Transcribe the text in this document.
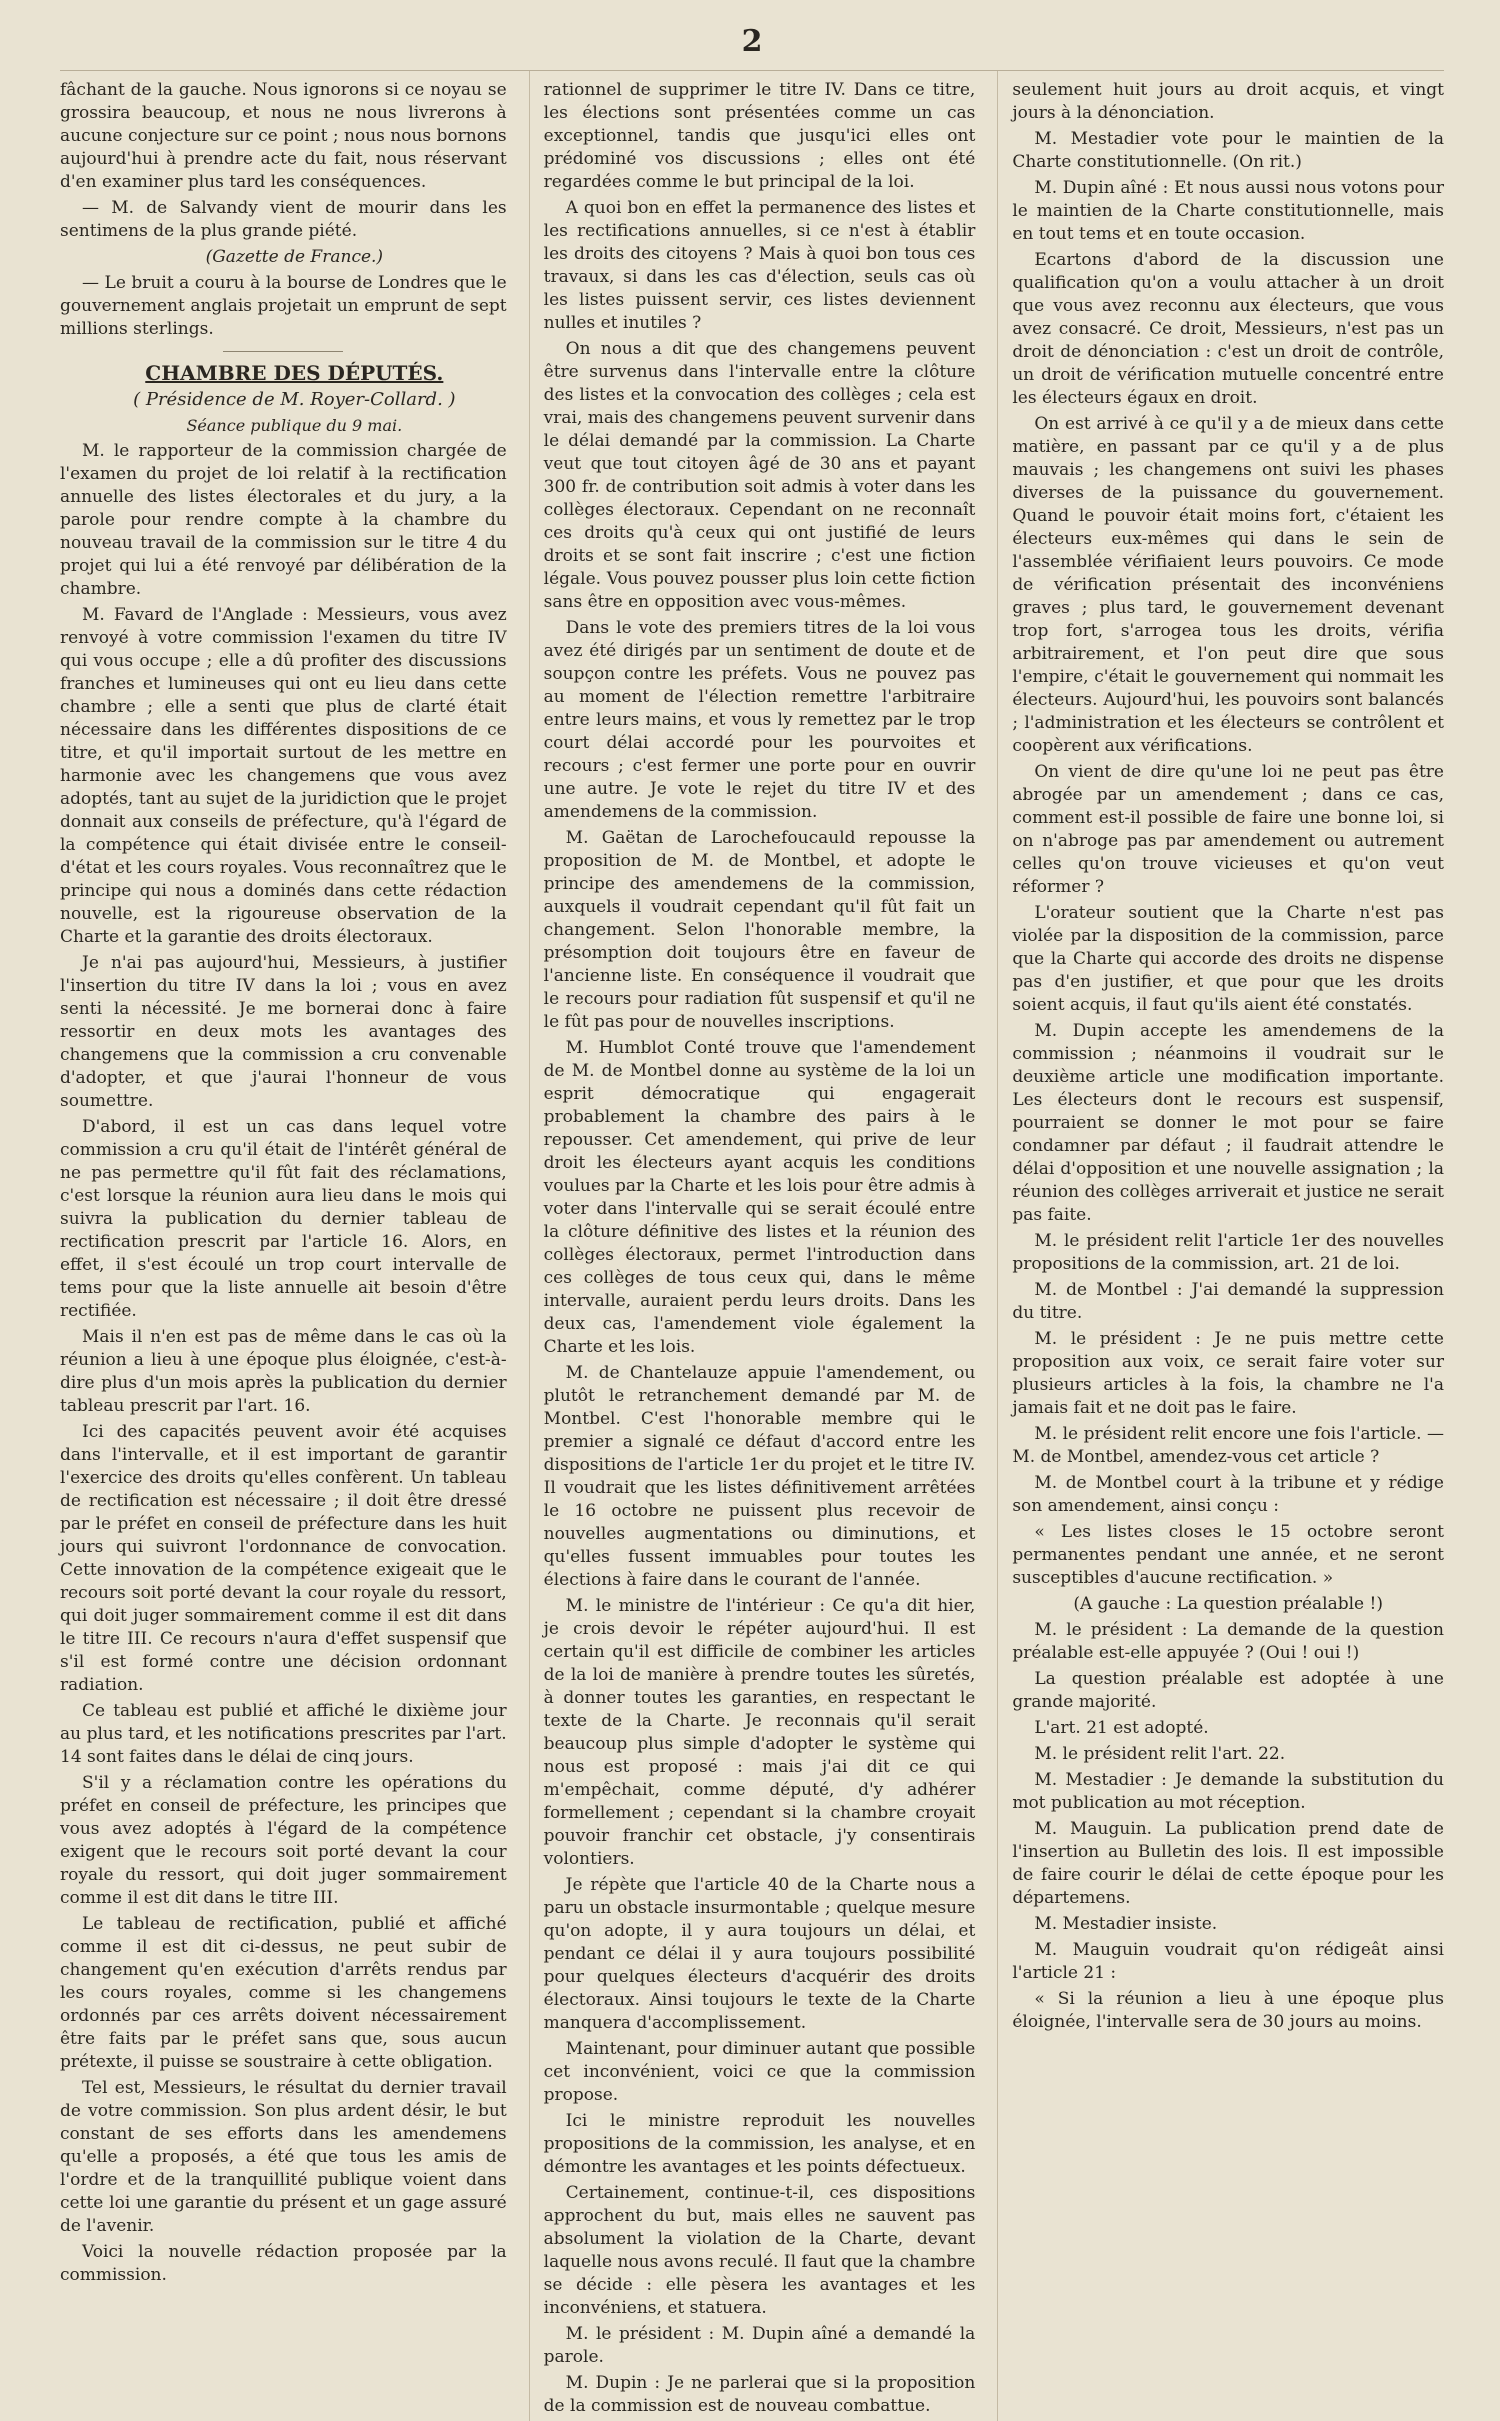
2

fâchant de la gauche. Nous ignorons si ce noyau se grossira beaucoup, et nous ne nous livrerons à aucune conjecture sur ce point ; nous nous bornons aujourd'hui à prendre acte du fait, nous réservant d'en examiner plus tard les conséquences.

— M. de Salvandy vient de mourir dans les sentimens de la plus grande piété.

(Gazette de France.)

— Le bruit a couru à la bourse de Londres que le gouvernement anglais projetait un emprunt de sept millions sterlings.

CHAMBRE DES DÉPUTÉS.

( Présidence de M. Royer-Collard. )

Séance publique du 9 mai.

M. le rapporteur de la commission chargée de l'examen du projet de loi relatif à la rectification annuelle des listes électorales et du jury, a la parole pour rendre compte à la chambre du nouveau travail de la commission sur le titre 4 du projet qui lui a été renvoyé par délibération de la chambre.

M. Favard de l'Anglade : Messieurs, vous avez renvoyé à votre commission l'examen du titre IV qui vous occupe ; elle a dû profiter des discussions franches et lumineuses qui ont eu lieu dans cette chambre ; elle a senti que plus de clarté était nécessaire dans les différentes dispositions de ce titre, et qu'il importait surtout de les mettre en harmonie avec les changemens que vous avez adoptés, tant au sujet de la juridiction que le projet donnait aux conseils de préfecture, qu'à l'égard de la compétence qui était divisée entre le conseil-d'état et les cours royales. Vous reconnaîtrez que le principe qui nous a dominés dans cette rédaction nouvelle, est la rigoureuse observation de la Charte et la garantie des droits électoraux.

Je n'ai pas aujourd'hui, Messieurs, à justifier l'insertion du titre IV dans la loi ; vous en avez senti la nécessité. Je me bornerai donc à faire ressortir en deux mots les avantages des changemens que la commission a cru convenable d'adopter, et que j'aurai l'honneur de vous soumettre.

D'abord, il est un cas dans lequel votre commission a cru qu'il était de l'intérêt général de ne pas permettre qu'il fût fait des réclamations, c'est lorsque la réunion aura lieu dans le mois qui suivra la publication du dernier tableau de rectification prescrit par l'article 16. Alors, en effet, il s'est écoulé un trop court intervalle de tems pour que la liste annuelle ait besoin d'être rectifiée.

Mais il n'en est pas de même dans le cas où la réunion a lieu à une époque plus éloignée, c'est-à-dire plus d'un mois après la publication du dernier tableau prescrit par l'art. 16.

Ici des capacités peuvent avoir été acquises dans l'intervalle, et il est important de garantir l'exercice des droits qu'elles confèrent. Un tableau de rectification est nécessaire ; il doit être dressé par le préfet en conseil de préfecture dans les huit jours qui suivront l'ordonnance de convocation. Cette innovation de la compétence exigeait que le recours soit porté devant la cour royale du ressort, qui doit juger sommairement comme il est dit dans le titre III. Ce recours n'aura d'effet suspensif que s'il est formé contre une décision ordonnant radiation.

Ce tableau est publié et affiché le dixième jour au plus tard, et les notifications prescrites par l'art. 14 sont faites dans le délai de cinq jours.

S'il y a réclamation contre les opérations du préfet en conseil de préfecture, les principes que vous avez adoptés à l'égard de la compétence exigent que le recours soit porté devant la cour royale du ressort, qui doit juger sommairement comme il est dit dans le titre III.

Le tableau de rectification, publié et affiché comme il est dit ci-dessus, ne peut subir de changement qu'en exécution d'arrêts rendus par les cours royales, comme si les changemens ordonnés par ces arrêts doivent nécessairement être faits par le préfet sans que, sous aucun prétexte, il puisse se soustraire à cette obligation.

Tel est, Messieurs, le résultat du dernier travail de votre commission. Son plus ardent désir, le but constant de ses efforts dans les amendemens qu'elle a proposés, a été que tous les amis de l'ordre et de la tranquillité publique voient dans cette loi une garantie du présent et un gage assuré de l'avenir.

Voici la nouvelle rédaction proposée par la commission.

rationnel de supprimer le titre IV. Dans ce titre, les élections sont présentées comme un cas exceptionnel, tandis que jusqu'ici elles ont prédominé vos discussions ; elles ont été regardées comme le but principal de la loi.

A quoi bon en effet la permanence des listes et les rectifications annuelles, si ce n'est à établir les droits des citoyens ? Mais à quoi bon tous ces travaux, si dans les cas d'élection, seuls cas où les listes puissent servir, ces listes deviennent nulles et inutiles ?

On nous a dit que des changemens peuvent être survenus dans l'intervalle entre la clôture des listes et la convocation des collèges ; cela est vrai, mais des changemens peuvent survenir dans le délai demandé par la commission. La Charte veut que tout citoyen âgé de 30 ans et payant 300 fr. de contribution soit admis à voter dans les collèges électoraux. Cependant on ne reconnaît ces droits qu'à ceux qui ont justifié de leurs droits et se sont fait inscrire ; c'est une fiction légale. Vous pouvez pousser plus loin cette fiction sans être en opposition avec vous-mêmes.

Dans le vote des premiers titres de la loi vous avez été dirigés par un sentiment de doute et de soupçon contre les préfets. Vous ne pouvez pas au moment de l'élection remettre l'arbitraire entre leurs mains, et vous ly remettez par le trop court délai accordé pour les pourvoites et recours ; c'est fermer une porte pour en ouvrir une autre. Je vote le rejet du titre IV et des amendemens de la commission.

M. Gaëtan de Larochefoucauld repousse la proposition de M. de Montbel, et adopte le principe des amendemens de la commission, auxquels il voudrait cependant qu'il fût fait un changement. Selon l'honorable membre, la présomption doit toujours être en faveur de l'ancienne liste. En conséquence il voudrait que le recours pour radiation fût suspensif et qu'il ne le fût pas pour de nouvelles inscriptions.

M. Humblot Conté trouve que l'amendement de M. de Montbel donne au système de la loi un esprit démocratique qui engagerait probablement la chambre des pairs à le repousser. Cet amendement, qui prive de leur droit les électeurs ayant acquis les conditions voulues par la Charte et les lois pour être admis à voter dans l'intervalle qui se serait écoulé entre la clôture définitive des listes et la réunion des collèges électoraux, permet l'introduction dans ces collèges de tous ceux qui, dans le même intervalle, auraient perdu leurs droits. Dans les deux cas, l'amendement viole également la Charte et les lois.

M. de Chantelauze appuie l'amendement, ou plutôt le retranchement demandé par M. de Montbel. C'est l'honorable membre qui le premier a signalé ce défaut d'accord entre les dispositions de l'article 1er du projet et le titre IV. Il voudrait que les listes définitivement arrêtées le 16 octobre ne puissent plus recevoir de nouvelles augmentations ou diminutions, et qu'elles fussent immuables pour toutes les élections à faire dans le courant de l'année.

M. le ministre de l'intérieur : Ce qu'a dit hier, je crois devoir le répéter aujourd'hui. Il est certain qu'il est difficile de combiner les articles de la loi de manière à prendre toutes les sûretés, à donner toutes les garanties, en respectant le texte de la Charte. Je reconnais qu'il serait beaucoup plus simple d'adopter le système qui nous est proposé : mais j'ai dit ce qui m'empêchait, comme député, d'y adhérer formellement ; cependant si la chambre croyait pouvoir franchir cet obstacle, j'y consentirais volontiers.

Je répète que l'article 40 de la Charte nous a paru un obstacle insurmontable ; quelque mesure qu'on adopte, il y aura toujours un délai, et pendant ce délai il y aura toujours possibilité pour quelques électeurs d'acquérir des droits électoraux. Ainsi toujours le texte de la Charte manquera d'accomplissement.

Maintenant, pour diminuer autant que possible cet inconvénient, voici ce que la commission propose.

Ici le ministre reproduit les nouvelles propositions de la commission, les analyse, et en démontre les avantages et les points défectueux.

Certainement, continue-t-il, ces dispositions approchent du but, mais elles ne sauvent pas absolument la violation de la Charte, devant laquelle nous avons reculé. Il faut que la chambre se décide : elle pèsera les avantages et les inconvéniens, et statuera.

M. le président : M. Dupin aîné a demandé la parole.

M. Dupin : Je ne parlerai que si la proposition de la commission est de nouveau combattue.

seulement huit jours au droit acquis, et vingt jours à la dénonciation.

M. Mestadier vote pour le maintien de la Charte constitutionnelle. (On rit.)

M. Dupin aîné : Et nous aussi nous votons pour le maintien de la Charte constitutionnelle, mais en tout tems et en toute occasion.

Ecartons d'abord de la discussion une qualification qu'on a voulu attacher à un droit que vous avez reconnu aux électeurs, que vous avez consacré. Ce droit, Messieurs, n'est pas un droit de dénonciation : c'est un droit de contrôle, un droit de vérification mutuelle concentré entre les électeurs égaux en droit.

On est arrivé à ce qu'il y a de mieux dans cette matière, en passant par ce qu'il y a de plus mauvais ; les changemens ont suivi les phases diverses de la puissance du gouvernement. Quand le pouvoir était moins fort, c'étaient les électeurs eux-mêmes qui dans le sein de l'assemblée vérifiaient leurs pouvoirs. Ce mode de vérification présentait des inconvéniens graves ; plus tard, le gouvernement devenant trop fort, s'arrogea tous les droits, vérifia arbitrairement, et l'on peut dire que sous l'empire, c'était le gouvernement qui nommait les électeurs. Aujourd'hui, les pouvoirs sont balancés ; l'administration et les électeurs se contrôlent et coopèrent aux vérifications.

On vient de dire qu'une loi ne peut pas être abrogée par un amendement ; dans ce cas, comment est-il possible de faire une bonne loi, si on n'abroge pas par amendement ou autrement celles qu'on trouve vicieuses et qu'on veut réformer ?

L'orateur soutient que la Charte n'est pas violée par la disposition de la commission, parce que la Charte qui accorde des droits ne dispense pas d'en justifier, et que pour que les droits soient acquis, il faut qu'ils aient été constatés.

M. Dupin accepte les amendemens de la commission ; néanmoins il voudrait sur le deuxième article une modification importante. Les électeurs dont le recours est suspensif, pourraient se donner le mot pour se faire condamner par défaut ; il faudrait attendre le délai d'opposition et une nouvelle assignation ; la réunion des collèges arriverait et justice ne serait pas faite.

M. le président relit l'article 1er des nouvelles propositions de la commission, art. 21 de loi.

M. de Montbel : J'ai demandé la suppression du titre.

M. le président : Je ne puis mettre cette proposition aux voix, ce serait faire voter sur plusieurs articles à la fois, la chambre ne l'a jamais fait et ne doit pas le faire.

M. le président relit encore une fois l'article. — M. de Montbel, amendez-vous cet article ?

M. de Montbel court à la tribune et y rédige son amendement, ainsi conçu :

« Les listes closes le 15 octobre seront permanentes pendant une année, et ne seront susceptibles d'aucune rectification. »

(A gauche : La question préalable !)

M. le président : La demande de la question préalable est-elle appuyée ? (Oui ! oui !)

La question préalable est adoptée à une grande majorité.

L'art. 21 est adopté.

M. le président relit l'art. 22.

M. Mestadier : Je demande la substitution du mot publication au mot réception.

M. Mauguin. La publication prend date de l'insertion au Bulletin des lois. Il est impossible de faire courir le délai de cette époque pour les départemens.

M. Mestadier insiste.

M. Mauguin voudrait qu'on rédigeât ainsi l'article 21 :

« Si la réunion a lieu à une époque plus éloignée, l'intervalle sera de 30 jours au moins.
